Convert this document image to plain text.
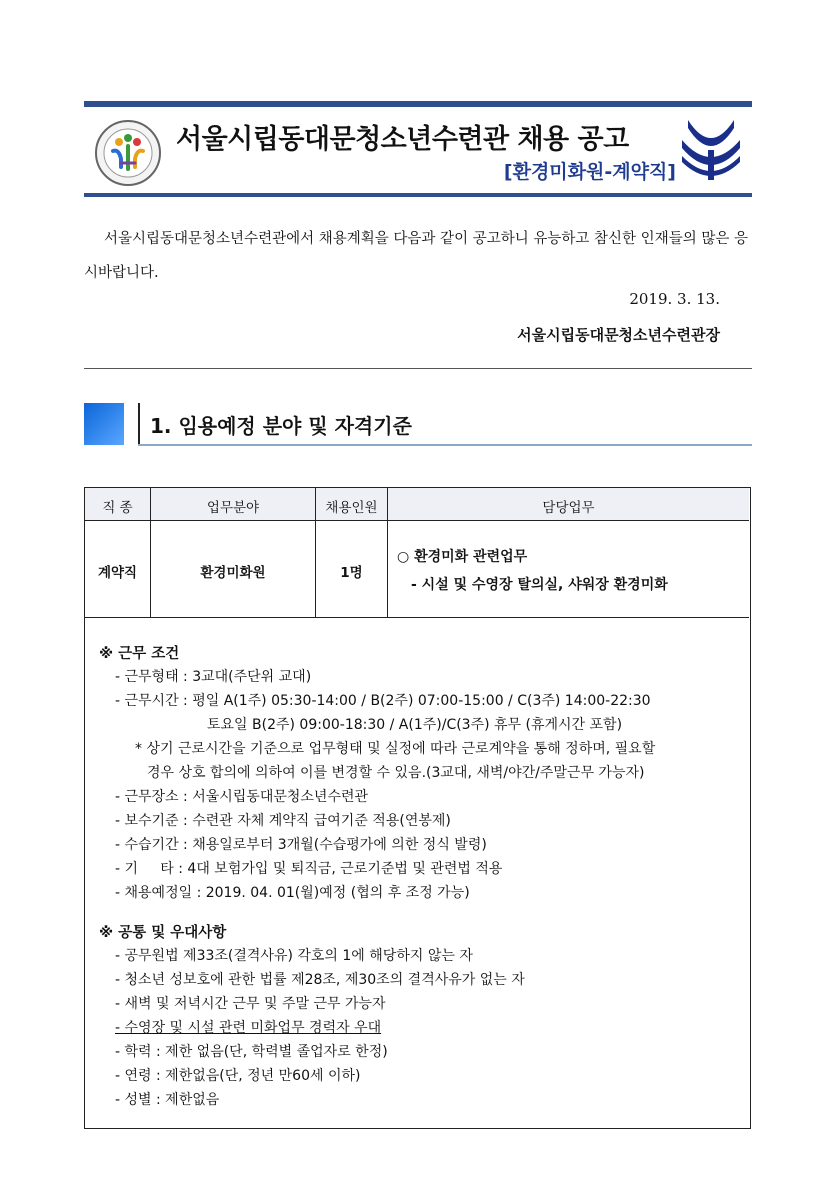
서울시립동대문청소년수련관 채용 공고
[환경미화원-계약직]
서울시립동대문청소년수련관에서 채용계획을 다음과 같이 공고하니 유능하고 참신한 인재들의 많은 응시바랍니다.
2019. 3. 13.
서울시립동대문청소년수련관장
1. 임용예정 분야 및 자격기준
직 종	업무분야	채용인원	담당업무
계약직	환경미화원	1명
○ 환경미화 관련업무
- 시설 및 수영장 탈의실, 샤워장 환경미화
※ 근무 조건
- 근무형태 : 3교대(주단위 교대)
- 근무시간 : 평일 A(1주) 05:30-14:00 / B(2주) 07:00-15:00 / C(3주) 14:00-22:30
토요일 B(2주) 09:00-18:30 / A(1주)/C(3주) 휴무 (휴게시간 포함)
* 상기 근로시간을 기준으로 업무형태 및 실정에 따라 근로계약을 통해 정하며, 필요할
경우 상호 합의에 의하여 이를 변경할 수 있음.(3교대, 새벽/야간/주말근무 가능자)
- 근무장소 : 서울시립동대문청소년수련관
- 보수기준 : 수련관 자체 계약직 급여기준 적용(연봉제)
- 수습기간 : 채용일로부터 3개월(수습평가에 의한 정식 발령)
- 기     타 : 4대 보험가입 및 퇴직금, 근로기준법 및 관련법 적용
- 채용예정일 : 2019. 04. 01(월)예정 (협의 후 조정 가능)
※ 공통 및 우대사항
- 공무원법 제33조(결격사유) 각호의 1에 해당하지 않는 자
- 청소년 성보호에 관한 법률 제28조, 제30조의 결격사유가 없는 자
- 새벽 및 저녁시간 근무 및 주말 근무 가능자
- 수영장 및 시설 관련 미화업무 경력자 우대
- 학력 : 제한 없음(단, 학력별 졸업자로 한정)
- 연령 : 제한없음(단, 정년 만60세 이하)
- 성별 : 제한없음
